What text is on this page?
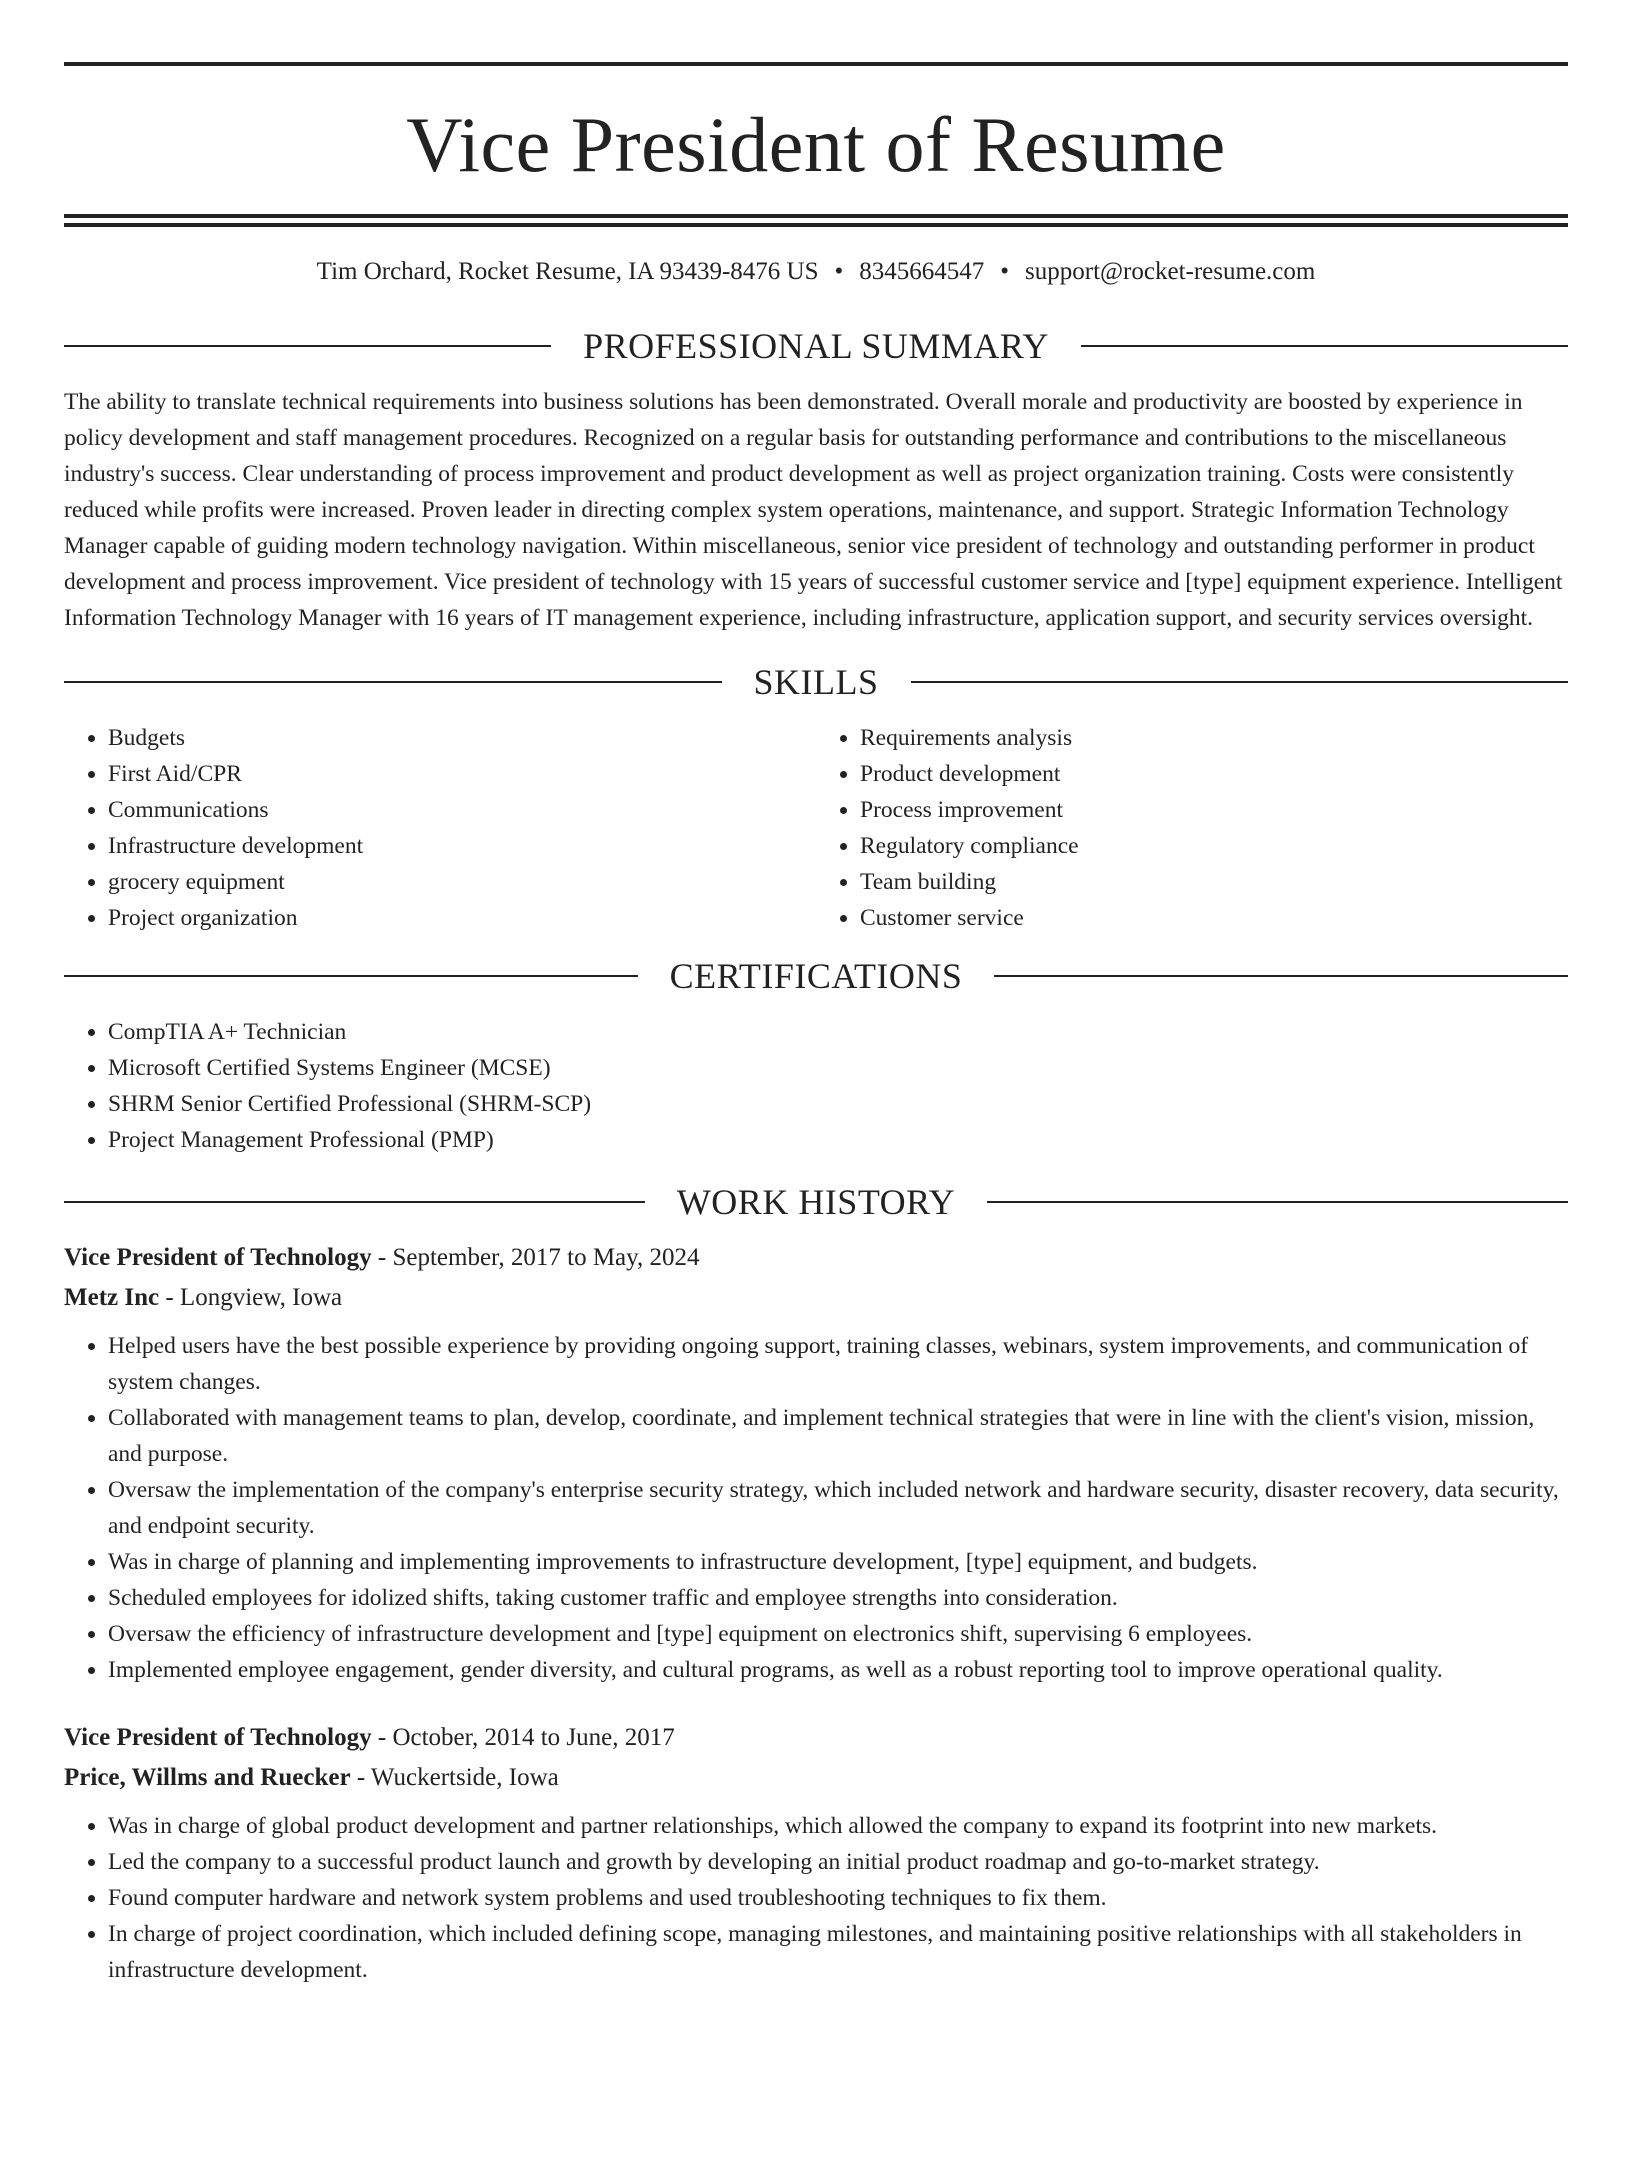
Vice President of Resume
Tim Orchard, Rocket Resume, IA 93439-8476 US • 8345664547 • support@rocket-resume.com
PROFESSIONAL SUMMARY

The ability to translate technical requirements into business solutions has been demonstrated. Overall morale and productivity are boosted by experience in policy development and staff management procedures. Recognized on a regular basis for outstanding performance and contributions to the miscellaneous industry's success. Clear understanding of process improvement and product development as well as project organization training. Costs were consistently reduced while profits were increased. Proven leader in directing complex system operations, maintenance, and support. Strategic Information Technology Manager capable of guiding modern technology navigation. Within miscellaneous, senior vice president of technology and outstanding performer in product development and process improvement. Vice president of technology with 15 years of successful customer service and [type] equipment experience. Intelligent Information Technology Manager with 16 years of IT management experience, including infrastructure, application support, and security services oversight.

SKILLS
• Budgets
• First Aid/CPR
• Communications
• Infrastructure development
• grocery equipment
• Project organization
• Requirements analysis
• Product development
• Process improvement
• Regulatory compliance
• Team building
• Customer service
CERTIFICATIONS
• CompTIA A+ Technician
• Microsoft Certified Systems Engineer (MCSE)
• SHRM Senior Certified Professional (SHRM-SCP)
• Project Management Professional (PMP)
WORK HISTORY
Vice President of Technology - September, 2017 to May, 2024
Metz Inc - Longview, Iowa
• Helped users have the best possible experience by providing ongoing support, training classes, webinars, system improvements, and communication of system changes.
• Collaborated with management teams to plan, develop, coordinate, and implement technical strategies that were in line with the client's vision, mission, and purpose.
• Oversaw the implementation of the company's enterprise security strategy, which included network and hardware security, disaster recovery, data security, and endpoint security.
• Was in charge of planning and implementing improvements to infrastructure development, [type] equipment, and budgets.
• Scheduled employees for idolized shifts, taking customer traffic and employee strengths into consideration.
• Oversaw the efficiency of infrastructure development and [type] equipment on electronics shift, supervising 6 employees.
• Implemented employee engagement, gender diversity, and cultural programs, as well as a robust reporting tool to improve operational quality.
Vice President of Technology - October, 2014 to June, 2017
Price, Willms and Ruecker - Wuckertside, Iowa
• Was in charge of global product development and partner relationships, which allowed the company to expand its footprint into new markets.
• Led the company to a successful product launch and growth by developing an initial product roadmap and go-to-market strategy.
• Found computer hardware and network system problems and used troubleshooting techniques to fix them.
• In charge of project coordination, which included defining scope, managing milestones, and maintaining positive relationships with all stakeholders in infrastructure development.
